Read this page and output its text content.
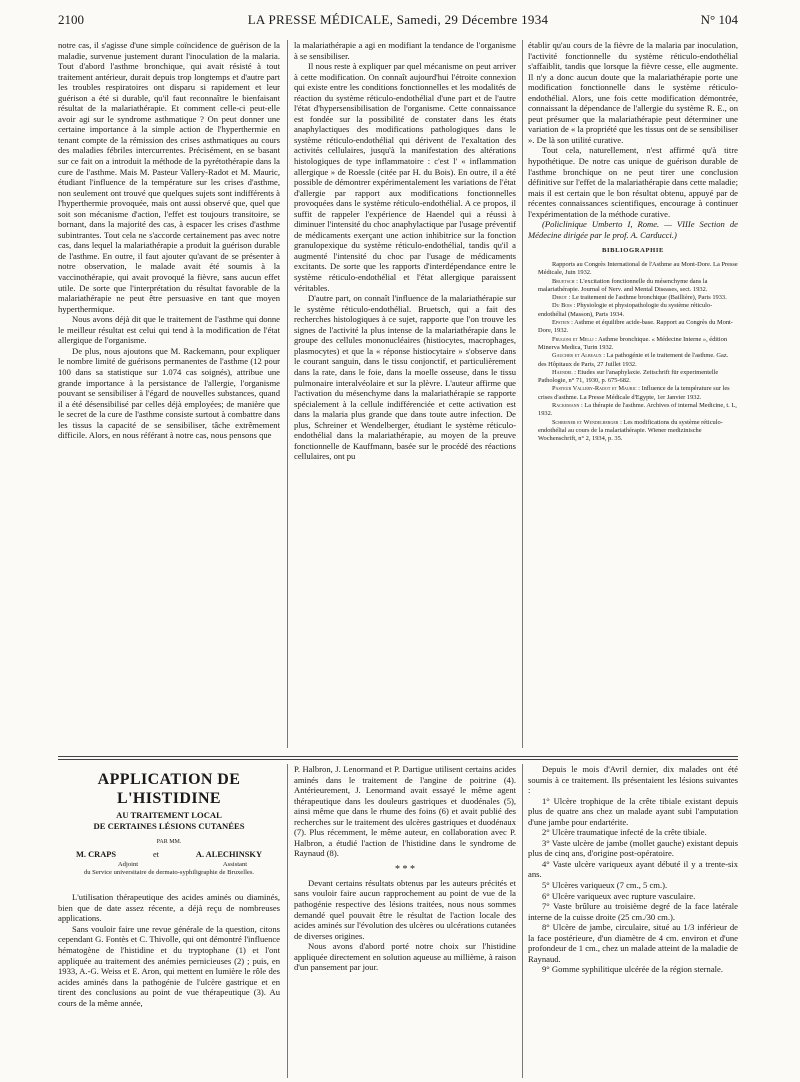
2100	LA PRESSE MÉDICALE, Samedi, 29 Décembre 1934	N° 104

notre cas, il s'agisse d'une simple coïncidence de guérison de la maladie, survenue justement durant l'inoculation de la malaria. Tout d'abord l'asthme bronchique, qui avait résisté à tout traitement antérieur, durait depuis trop longtemps et d'autre part les troubles respiratoires ont disparu si rapidement et leur guérison a été si durable, qu'il faut reconnaître le bienfaisant résultat de la malariathérapie. Et comment celle-ci peut-elle avoir agi sur le syndrome asthmatique ? On peut donner une certaine importance à la simple action de l'hyperthermie en tenant compte de la rémission des crises asthmatiques au cours des maladies fébriles intercurrentes. Précisément, en se basant sur ce fait on a introduit la méthode de la pyrétothérapie dans la cure de l'asthme. Mais M. Pasteur Vallery-Radot et M. Mauric, étudiant l'influence de la température sur les crises d'asthme, non seulement ont trouvé que quelques sujets sont indifférents à l'hyperthermie provoquée, mais ont aussi observé que, quel que soit son mécanisme d'action, l'effet est toujours transitoire, se bornant, dans la majorité des cas, à espacer les crises d'asthme subintrantes. Tout cela ne s'accorde certainement pas avec notre cas, dans lequel la malariathérapie a produit la guérison durable de l'asthme. En outre, il faut ajouter qu'avant de se présenter à notre observation, le malade avait été soumis à la vaccinothérapie, qui avait provoqué la fièvre, sans aucun effet utile. De sorte que l'interprétation du résultat favorable de la malariathérapie ne peut être persuasive en tant que moyen hyperthermique.

Nous avons déjà dit que le traitement de l'asthme qui donne le meilleur résultat est celui qui tend à la modification de l'état allergique de l'organisme.

De plus, nous ajoutons que M. Rackemann, pour expliquer le nombre limité de guérisons permanentes de l'asthme (12 pour 100 dans sa statistique sur 1.074 cas soignés), attribue une grande importance à la persistance de l'allergie, l'organisme pouvant se sensibiliser à l'égard de nouvelles substances, quand il a été désensibilisé par celles déjà employées; de manière que le secret de la cure de l'asthme consiste surtout à combattre dans les tissus la capacité de se sensibiliser, tâche extrêmement difficile. Alors, en nous référant à notre cas, nous pensons que

la malariathérapie a agi en modifiant la tendance de l'organisme à se sensibiliser.

Il nous reste à expliquer par quel mécanisme on peut arriver à cette modification. On connaît aujourd'hui l'étroite connexion qui existe entre les conditions fonctionnelles et les modalités de réaction du système réticulo-endothélial d'une part et de l'autre l'état d'hypersensibilisation de l'organisme. Cette connaissance est fondée sur la possibilité de constater dans les états anaphylactiques des modifications pathologiques dans le système réticulo-endothélial qui dérivent de l'exaltation des activités cellulaires, jusqu'à la manifestation des altérations histologiques de type inflammatoire : c'est l' « inflammation allergique » de Roessle (citée par H. du Bois). En outre, il a été possible de démontrer expérimentalement les variations de l'état d'allergie par rapport aux modifications fonctionnelles provoquées dans le système réticulo-endothélial. A ce propos, il suffit de rappeler l'expérience de Haendel qui a réussi à diminuer l'intensité du choc anaphylactique par l'usage préventif de médicaments exerçant une action inhibitrice sur la fonction granulopexique du système réticulo-endothélial, tandis qu'il a augmenté l'intensité du choc par l'usage de médicaments excitants. De sorte que les rapports d'interdépendance entre le système réticulo-endothélial et l'état allergique paraissent véritables.

D'autre part, on connaît l'influence de la malariathérapie sur le système réticulo-endothélial. Bruetsch, qui a fait des recherches histologiques à ce sujet, rapporte que l'on trouve les signes de l'activité la plus intense de la malariathérapie dans le groupe des cellules mononucléaires (histiocytes, macrophages, plasmocytes) et que la « réponse histiocytaire » s'observe dans le courant sanguin, dans le tissu conjonctif, et particulièrement dans la rate, dans le foie, dans la moelle osseuse, dans le tissu pulmonaire interalvéolaire et sur la plèvre. L'auteur affirme que l'activation du mésenchyme dans la malariathérapie se rapporte spécialement à la cellule indifférenciée et cette activation est dans la malaria plus grande que dans toute autre infection. De plus, Schreiner et Wendelberger, étudiant le système réticulo-endothélial dans la malariathérapie, au moyen de la preuve fonctionnelle de Kauffmann, basée sur le procédé des réactions cellulaires, ont pu

établir qu'au cours de la fièvre de la malaria par inoculation, l'activité fonctionnelle du système réticulo-endothélial s'affaiblit, tandis que lorsque la fièvre cesse, elle augmente. Il n'y a donc aucun doute que la malariathérapie porte une modification fonctionnelle dans le système réticulo-endothélial. Alors, une fois cette modification démontrée, connaissant la dépendance de l'allergie du système R. E., on peut présumer que la malariathérapie peut déterminer une variation de « la propriété que les tissus ont de se sensibiliser ». De là son utilité curative.

Tout cela, naturellement, n'est affirmé qu'à titre hypothétique. De notre cas unique de guérison durable de l'asthme bronchique on ne peut tirer une conclusion définitive sur l'effet de la malariathérapie dans cette maladie; mais il est certain que le bon résultat obtenu, appuyé par de récentes connaissances scientifiques, encourage à continuer l'expérimentation de la méthode curative.

(Policlinique Umberto I, Rome. — VIIIe Section de Médecine dirigée par le prof. A. Carducci.)

BIBLIOGRAPHIE

Rapports au Congrès International de l'Asthme au Mont-Dore. La Presse Médicale, Juin 1932.

Bruetsch : L'excitation fonctionnelle du mésenchyme dans la malariathérapie. Journal of Nerv. and Mental Diseases, sect. 1932.

Derot : Le traitement de l'asthme bronchique (Baillière), Paris 1933.

Du Bois : Physiologie et physiopathologie du système réticulo-endothélial (Masson), Paris 1934.

Epstein : Asthme et équilibre acide-base. Rapport au Congrès du Mont-Dore, 1932.

Frugoni et Melli : Asthme bronchique. « Médecine Interne », édition Minerva Medica, Turin 1932.

Gaucher et Albeaux : La pathogénie et le traitement de l'asthme. Gaz. des Hôpitaux de Paris, 27 Juillet 1932.

Haendel : Etudes sur l'anaphylaxie. Zeitschrift für experimentelle Pathologie, n° 71, 1930, p. 675-682.

Pasteur Vallery-Radot et Mauric : Influence de la température sur les crises d'asthme. La Presse Médicale d'Egypte, 1er Janvier 1932.

Rackemann : La thérapie de l'asthme. Archives of internal Medicine, t. L, 1932.

Schreiner et Wendelberger : Les modifications du système réticulo-endothélial au cours de la malariathérapie. Wiener medizinische Wochenschrift, n° 2, 1934, p. 35.

APPLICATION DE L'HISTIDINE
AU TRAITEMENT LOCAL
DE CERTAINES LÉSIONS CUTANÉES
PAR MM.
M. CRAPS	et	A. ALECHINSKY
Adjoint	Assistant
du Service universitaire de dermato-syphiligraphie de Bruxelles.

L'utilisation thérapeutique des acides aminés ou diaminés, bien que de date assez récente, a déjà reçu de nombreuses applications.

Sans vouloir faire une revue générale de la question, citons cependant G. Fontès et C. Thivolle, qui ont démontré l'influence hématogène de l'histidine et du tryptophane (1) et l'ont appliquée au traitement des anémies pernicieuses (2) ; puis, en 1933, A.-G. Weiss et E. Aron, qui mettent en lumière le rôle des acides aminés dans la pathogénie de l'ulcère gastrique et en tirent des conclusions au point de vue thérapeutique (3). Au cours de la même année,

P. Halbron, J. Lenormand et P. Dartigue utilisent certains acides aminés dans le traitement de l'angine de poitrine (4). Antérieurement, J. Lenormand avait essayé le même agent thérapeutique dans les douleurs gastriques et duodénales (5), ainsi même que dans le rhume des foins (6) et avait publié des recherches sur le traitement des ulcères gastriques et duodénaux (7). Plus récemment, le même auteur, en collaboration avec P. Halbron, a étudié l'action de l'histidine dans le syndrome de Raynaud (8).

* * *

Devant certains résultats obtenus par les auteurs précités et sans vouloir faire aucun rapprochement au point de vue de la pathogénie respective des lésions traitées, nous nous sommes demandé quel pouvait être le résultat de l'action locale des acides aminés sur l'évolution des ulcères ou ulcérations cutanées de diverses origines.

Nous avons d'abord porté notre choix sur l'histidine appliquée directement en solution aqueuse au millième, à raison d'un pansement par jour.

Depuis le mois d'Avril dernier, dix malades ont été soumis à ce traitement. Ils présentaient les lésions suivantes :

1° Ulcère trophique de la crête tibiale existant depuis plus de quatre ans chez un malade ayant subi l'amputation d'une jambe pour endartérite.

2° Ulcère traumatique infecté de la crête tibiale.

3° Vaste ulcère de jambe (mollet gauche) existant depuis plus de cinq ans, d'origine post-opératoire.

4° Vaste ulcère variqueux ayant débuté il y a trente-six ans.

5° Ulcères variqueux (7 cm., 5 cm.).

6° Ulcère variqueux avec rupture vasculaire.

7° Vaste brûlure au troisième degré de la face latérale interne de la cuisse droite (25 cm./30 cm.).

8° Ulcère de jambe, circulaire, situé au 1/3 inférieur de la face postérieure, d'un diamètre de 4 cm. environ et d'une profondeur de 1 cm., chez un malade atteint de la maladie de Raynaud.

9° Gomme syphilitique ulcérée de la région sternale.
